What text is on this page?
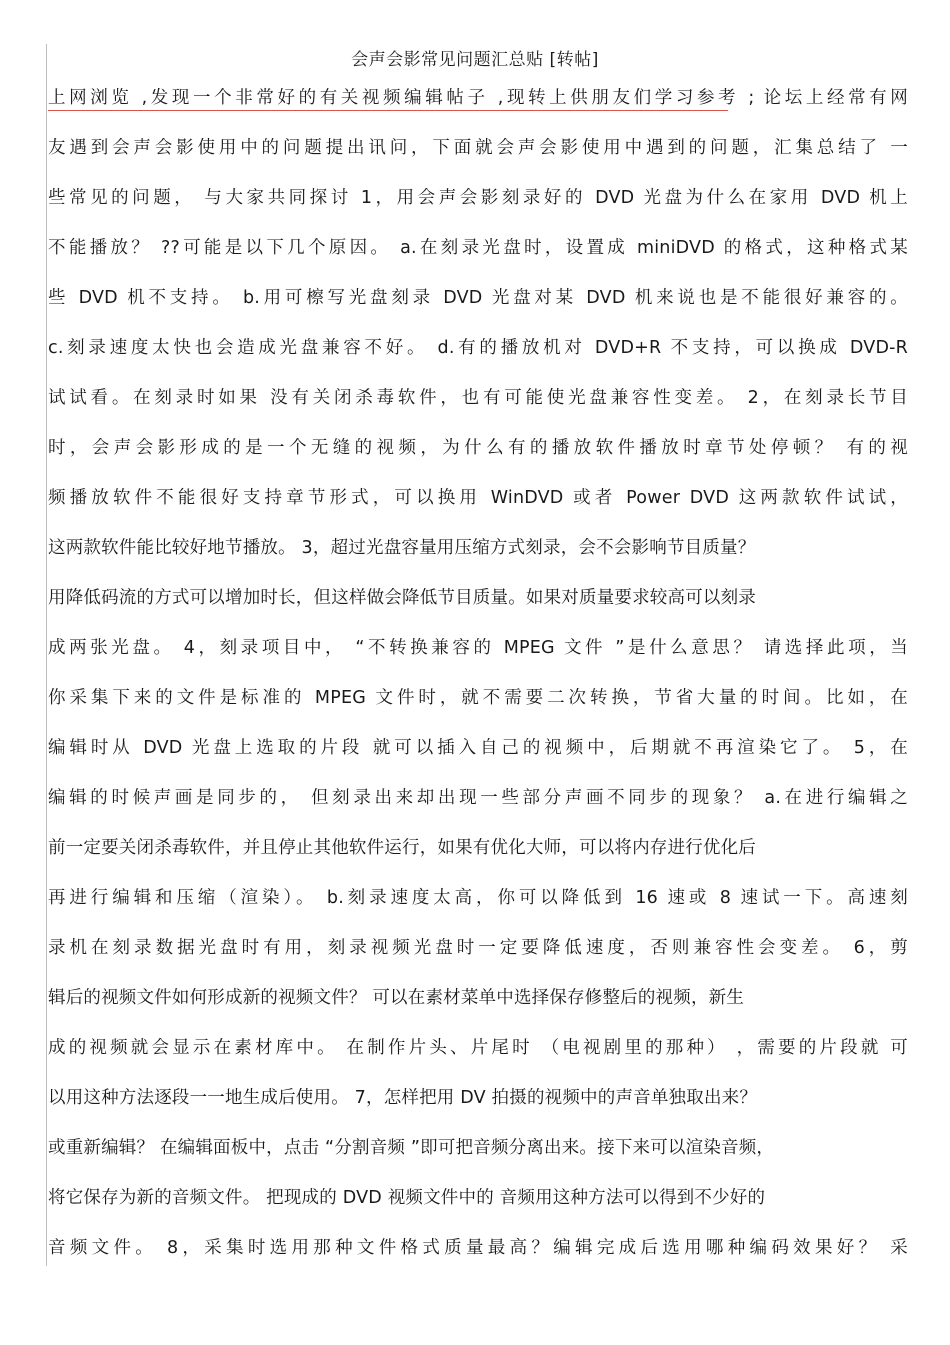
会声会影常见问题汇总贴 [转帖]
上网浏览 ,发现一个非常好的有关视频编辑帖子 ,现转上供朋友们学习参考 ; 论坛上经常有网
友遇到会声会影使用中的问题提出讯问，下面就会声会影使用中遇到的问题，汇集总结了 一
些常见的问题， 与大家共同探讨 1，用会声会影刻录好的 DVD 光盘为什么在家用 DVD 机上
不能播放？ ??可能是以下几个原因。 a.在刻录光盘时，设置成 miniDVD 的格式，这种格式某
些 DVD 机不支持。 b.用可檫写光盘刻录 DVD 光盘对某 DVD 机来说也是不能很好兼容的。
c.刻录速度太快也会造成光盘兼容不好。 d.有的播放机对 DVD+R 不支持，可以换成 DVD-R
试试看。在刻录时如果 没有关闭杀毒软件，也有可能使光盘兼容性变差。 2，在刻录长节目
时，会声会影形成的是一个无缝的视频，为什么有的播放软件播放时章节处停顿？ 有的视
频播放软件不能很好支持章节形式，可以换用 WinDVD 或者 Power DVD 这两款软件试试，
这两款软件能比较好地节播放。 3，超过光盘容量用压缩方式刻录，会不会影响节目质量？
用降低码流的方式可以增加时长，但这样做会降低节目质量。如果对质量要求较高可以刻录
成两张光盘。 4，刻录项目中， “不转换兼容的 MPEG 文件 ”是什么意思？ 请选择此项，当
你采集下来的文件是标准的 MPEG 文件时，就不需要二次转换，节省大量的时间。比如，在
编辑时从 DVD 光盘上选取的片段 就可以插入自己的视频中，后期就不再渲染它了。 5，在
编辑的时候声画是同步的， 但刻录出来却出现一些部分声画不同步的现象？ a.在进行编辑之
前一定要关闭杀毒软件，并且停止其他软件运行，如果有优化大师，可以将内存进行优化后
再进行编辑和压缩（渲染）。 b.刻录速度太高，你可以降低到 16 速或 8 速试一下。高速刻
录机在刻录数据光盘时有用，刻录视频光盘时一定要降低速度，否则兼容性会变差。 6，剪
辑后的视频文件如何形成新的视频文件？ 可以在素材菜单中选择保存修整后的视频，新生
成的视频就会显示在素材库中。 在制作片头、片尾时 （电视剧里的那种） ，需要的片段就 可
以用这种方法逐段一一地生成后使用。 7，怎样把用 DV 拍摄的视频中的声音单独取出来？
或重新编辑？ 在编辑面板中，点击 “分割音频 ”即可把音频分离出来。接下来可以渲染音频，
将它保存为新的音频文件。 把现成的 DVD 视频文件中的 音频用这种方法可以得到不少好的
音频文件。 8，采集时选用那种文件格式质量最高？编辑完成后选用哪种编码效果好？ 采
